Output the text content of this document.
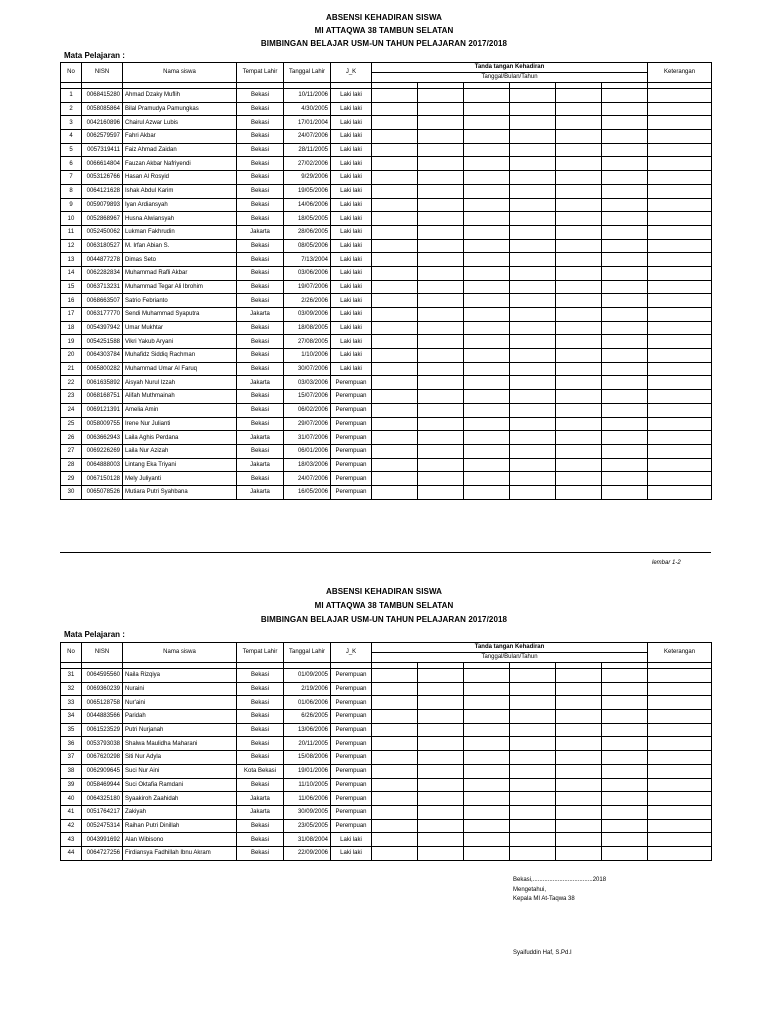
ABSENSI KEHADIRAN SISWA
MI ATTAQWA 38 TAMBUN SELATAN
BIMBINGAN BELAJAR USM-UN TAHUN PELAJARAN 2017/2018
Mata Pelajaran :
No	NISN	Nama siswa	Tempat Lahir	Tanggal Lahir	J_K	Tanda tangan Kehadiran						Keterangan
						Tanggal/Bulan/Tahun						

1	0068415280	Ahmad Dzaky Muflih	Bekasi	10/11/2006	Laki laki							
2	0058085864	Bilal Pramudya Pamungkas	Bekasi	4/30/2005	Laki laki							
3	0042160896	Chairul Azwar Lubis	Bekasi	17/01/2004	Laki laki							
4	0062579597	Fahri Akbar	Bekasi	24/07/2006	Laki laki							
5	0057319411	Faiz Ahmad Zaidan	Bekasi	28/11/2005	Laki laki							
6	0066614804	Fauzan Akbar Nafriyendi	Bekasi	27/02/2006	Laki laki							
7	0053126766	Hasan Al Rosyid	Bekasi	9/29/2006	Laki laki							
8	0064121628	Ishak Abdul Karim	Bekasi	19/05/2006	Laki laki							
9	0059079893	Iyan Ardiansyah	Bekasi	14/06/2006	Laki laki							
10	0052868967	Husna Alwiansyah	Bekasi	18/05/2005	Laki laki							
11	0052450062	Lukman Fakhrudin	Jakarta	28/06/2005	Laki laki							
12	0063180527	M. Irfan Abian S.	Bekasi	08/05/2006	Laki laki							
13	0044877278	Dimas Seto	Bekasi	7/13/2004	Laki laki							
14	0062282834	Muhammad Rafli Akbar	Bekasi	03/06/2006	Laki laki							
15	0063713231	Muhammad Tegar Ali Ibrohim	Bekasi	19/07/2006	Laki laki							
16	0068663507	Satrio Febrianto	Bekasi	2/26/2006	Laki laki							
17	0063177770	Sendi Muhammad Syaputra	Jakarta	03/09/2006	Laki laki							
18	0054397942	Umar Mukhtar	Bekasi	18/08/2005	Laki laki							
19	0054251588	Vikri Yakub Aryani	Bekasi	27/08/2005	Laki laki							
20	0064303784	Muhafidz Siddiq Rachman	Bekasi	1/10/2006	Laki laki							
21	0065800282	Muhammad Umar Al Faruq	Bekasi	30/07/2006	Laki laki							
22	0061635892	Aisyah Nurul Izzah	Jakarta	03/03/2006	Perempuan							
23	0068168751	Alifah Muthmainah	Bekasi	15/07/2006	Perempuan							
24	0069121391	Amelia Amin	Bekasi	06/02/2006	Perempuan							
25	0058009755	Irene Nur Julianti	Bekasi	29/07/2006	Perempuan							
26	0063662943	Laila Aghis Perdana	Jakarta	31/07/2006	Perempuan							
27	0069226269	Laila Nur Azizah	Bekasi	06/01/2006	Perempuan							
28	0064888003	Lintang Eka Triyani	Jakarta	18/03/2006	Perempuan							
29	0067150128	Mely Juliyanti	Bekasi	24/07/2006	Perempuan							
30	0065078526	Mutiara Putri Syahbana	Jakarta	16/05/2006	Perempuan							
lembar 1-2
ABSENSI KEHADIRAN SISWA
MI ATTAQWA 38 TAMBUN SELATAN
BIMBINGAN BELAJAR USM-UN TAHUN PELAJARAN 2017/2018
Mata Pelajaran :
No	NISN	Nama siswa	Tempat Lahir	Tanggal Lahir	J_K	Tanda tangan Kehadiran						Keterangan
						Tanggal/Bulan/Tahun						

31	0064595560	Naila Rizqiya	Bekasi	01/09/2005	Perempuan							
32	0069360239	Nuraini	Bekasi	2/19/2006	Perempuan							
33	0065128758	Nur'aini	Bekasi	01/06/2006	Perempuan							
34	0044883566	Paridah	Bekasi	6/26/2005	Perempuan							
35	0061523529	Putri Nurjanah	Bekasi	13/06/2006	Perempuan							
36	0053793038	Shalwa Maulidha Maharani	Bekasi	20/11/2005	Perempuan							
37	0067620298	Siti Nur Adyla	Bekasi	15/08/2006	Perempuan							
38	0062909645	Suci Nur Aini	Kota Bekasi	19/01/2006	Perempuan							
39	0058469944	Suci Oktafia Ramdani	Bekasi	11/10/2005	Perempuan							
40	0064325180	Syaakiroh Zaahidah	Jakarta	11/06/2006	Perempuan							
41	0051764217	Zakiyah	Jakarta	30/09/2005	Perempuan							
42	0052475314	Raihan Putri Dinillah	Bekasi	23/05/2005	Perempuan							
43	0043991692	Alan Wibisono	Bekasi	31/08/2004	Laki laki							
44	0064727256	Firdiansya Fadhillah Ibnu Akram	Bekasi	22/09/2006	Laki laki							
Bekasi,....................................2018
Mengetahui,
Kepala MI At-Taqwa 38
Syaifuddin Haf, S.Pd.I
